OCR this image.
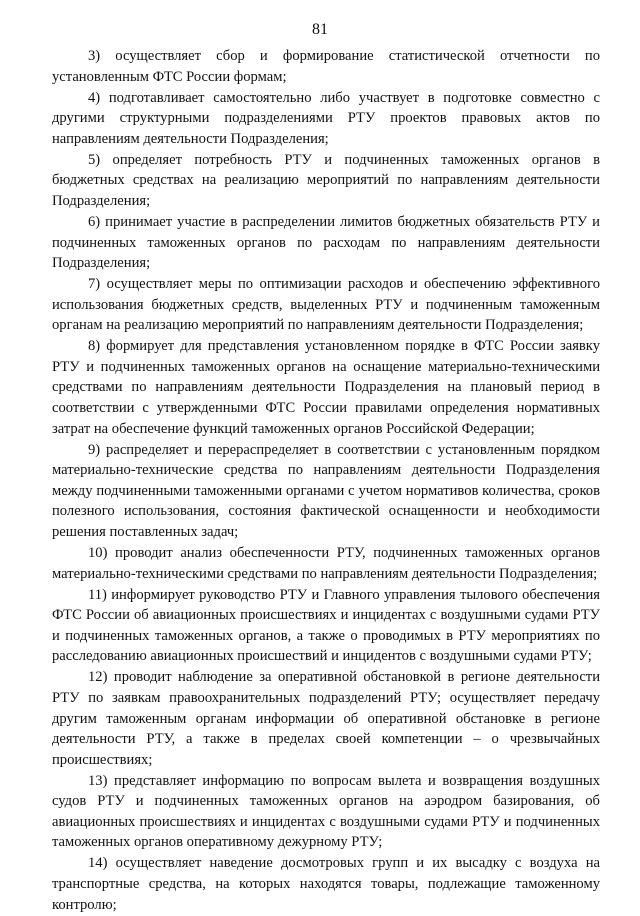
81

3) осуществляет сбор и формирование статистической отчетности по установленным ФТС России формам;

4) подготавливает самостоятельно либо участвует в подготовке совместно с другими структурными подразделениями РТУ проектов правовых актов по направлениям деятельности Подразделения;

5) определяет потребность РТУ и подчиненных таможенных органов в бюджетных средствах на реализацию мероприятий по направлениям деятельности Подразделения;

6) принимает участие в распределении лимитов бюджетных обязательств РТУ и подчиненных таможенных органов по расходам по направлениям деятельности Подразделения;

7) осуществляет меры по оптимизации расходов и обеспечению эффективного использования бюджетных средств, выделенных РТУ и подчиненным таможенным органам на реализацию мероприятий по направлениям деятельности Подразделения;

8) формирует для представления установленном порядке в ФТС России заявку РТУ и подчиненных таможенных органов на оснащение материально-техническими средствами по направлениям деятельности Подразделения на плановый период в соответствии с утвержденными ФТС России правилами определения нормативных затрат на обеспечение функций таможенных органов Российской Федерации;

9) распределяет и перераспределяет в соответствии с установленным порядком материально-технические средства по направлениям деятельности Подразделения между подчиненными таможенными органами с учетом нормативов количества, сроков полезного использования, состояния фактической оснащенности и необходимости решения поставленных задач;

10) проводит анализ обеспеченности РТУ, подчиненных таможенных органов материально-техническими средствами по направлениям деятельности Подразделения;

11) информирует руководство РТУ и Главного управления тылового обеспечения ФТС России об авиационных происшествиях и инцидентах с воздушными судами РТУ и подчиненных таможенных органов, а также о проводимых в РТУ мероприятиях по расследованию авиационных происшествий и инцидентов с воздушными судами РТУ;

12) проводит наблюдение за оперативной обстановкой в регионе деятельности РТУ по заявкам правоохранительных подразделений РТУ; осуществляет передачу другим таможенным органам информации об оперативной обстановке в регионе деятельности РТУ, а также в пределах своей компетенции – о чрезвычайных происшествиях;

13) представляет информацию по вопросам вылета и возвращения воздушных судов РТУ и подчиненных таможенных органов на аэродром базирования, об авиационных происшествиях и инцидентах с воздушными судами РТУ и подчиненных таможенных органов оперативному дежурному РТУ;

14) осуществляет наведение досмотровых групп и их высадку с воздуха на транспортные средства, на которых находятся товары, подлежащие таможенному контролю;
